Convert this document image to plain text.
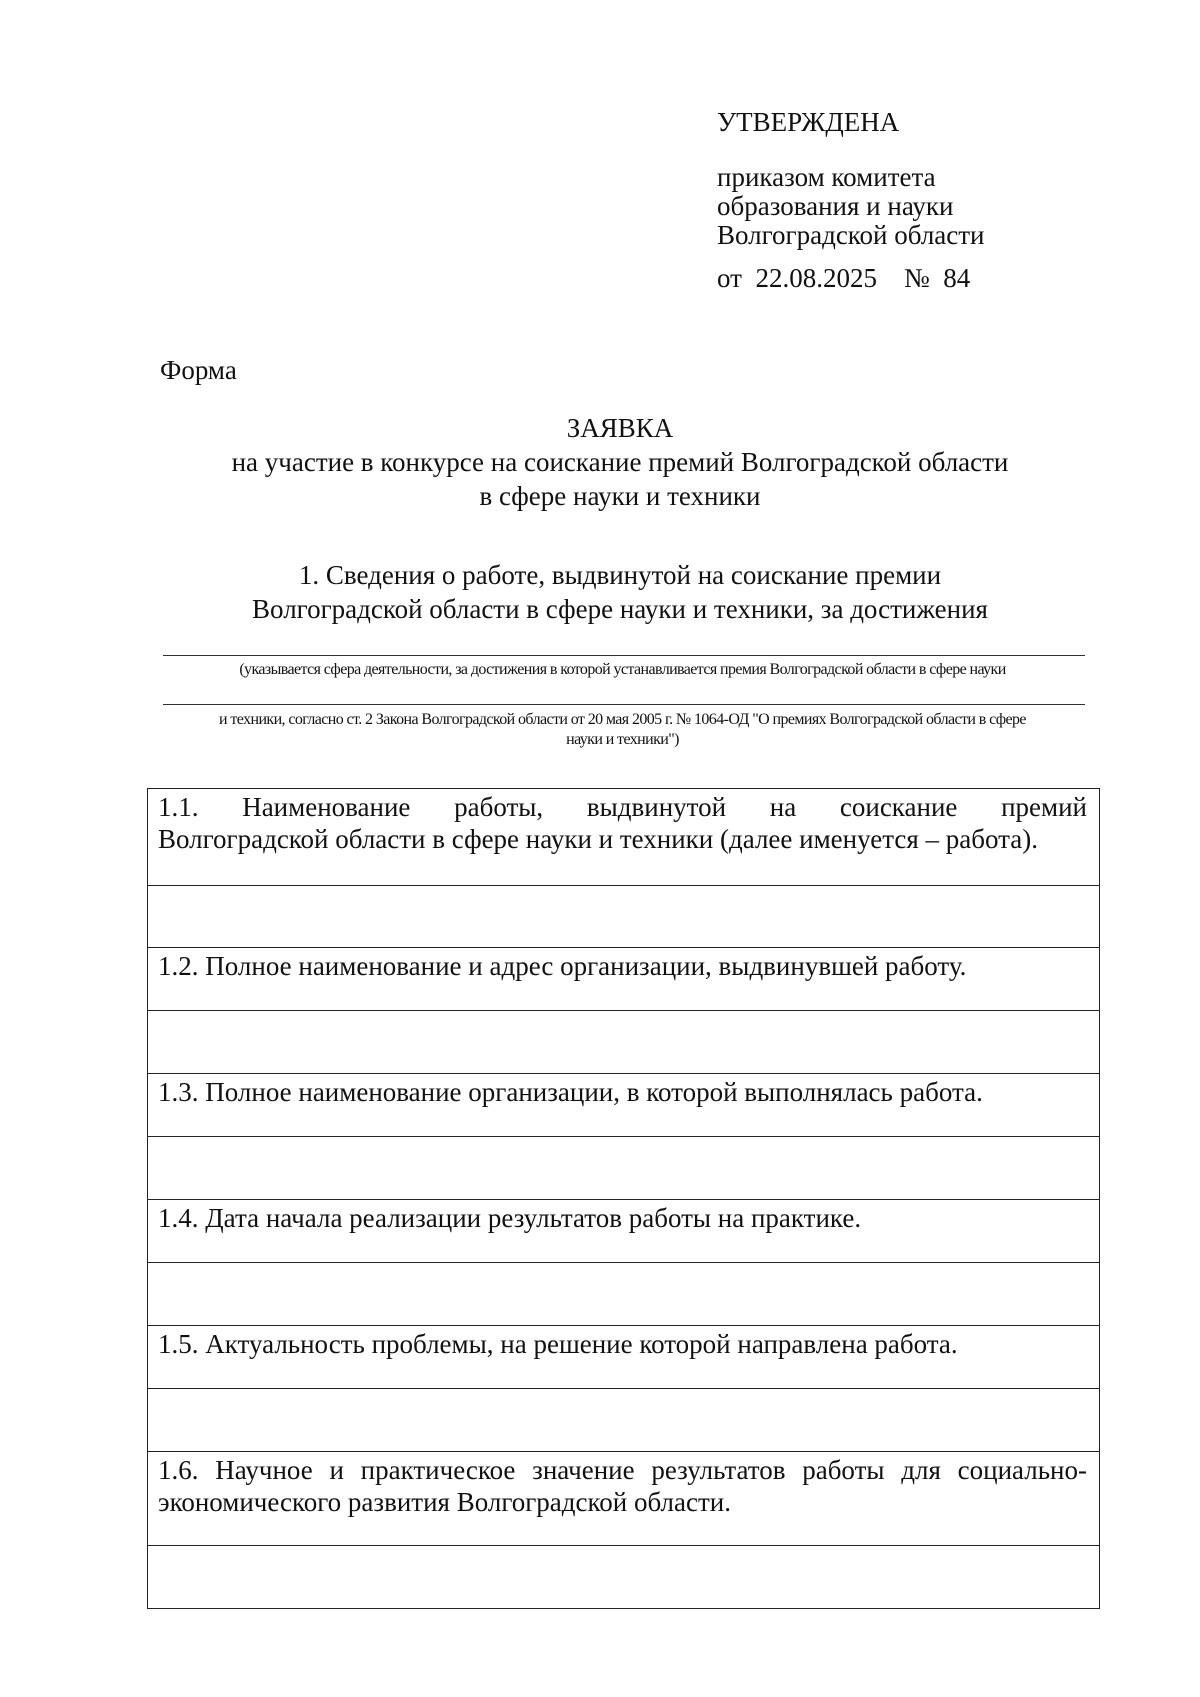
УТВЕРЖДЕНА
приказом комитета
образования и науки
Волгоградской области
от  22.08.2025    №  84
Форма
ЗАЯВКА
на участие в конкурсе на соискание премий Волгоградской области
в сфере науки и техники
1. Сведения о работе, выдвинутой на соискание премии
Волгоградской области в сфере науки и техники, за достижения
(указывается сфера деятельности, за достижения в которой устанавливается премия Волгоградской области в сфере науки
и техники, согласно ст. 2 Закона Волгоградской области от 20 мая 2005 г. № 1064-ОД "О премиях Волгоградской области в сфере
науки и техники")
1.1. Наименование работы, выдвинутой на соискание премий
Волгоградской области в сфере науки и техники (далее именуется – работа).

1.2. Полное наименование и адрес организации, выдвинувшей работу.

1.3. Полное наименование организации, в которой выполнялась работа.

1.4. Дата начала реализации результатов работы на практике.

1.5. Актуальность проблемы, на решение которой направлена работа.

1.6. Научное и практическое значение результатов работы для социально-
экономического развития Волгоградской области.
